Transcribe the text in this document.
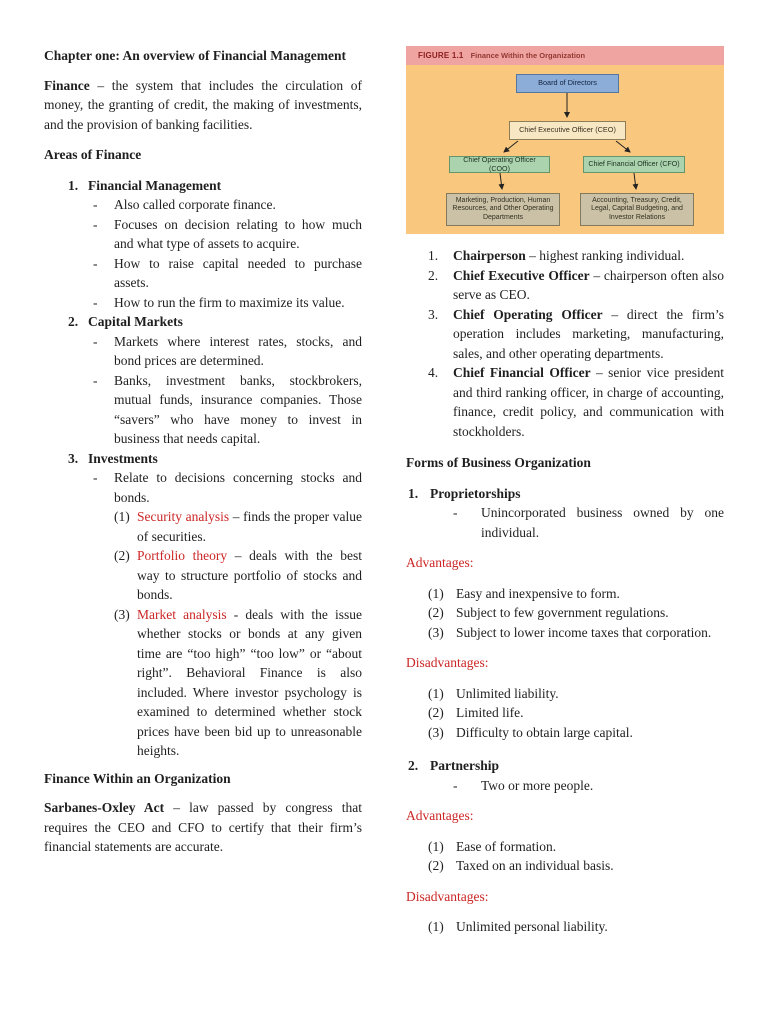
Chapter one: An overview of Financial Management

Finance – the system that includes the circulation of money, the granting of credit, the making of investments, and the provision of banking facilities.

Areas of Finance
1. Financial Management
-	Also called corporate finance.
-	Focuses on decision relating to how much and what type of assets to acquire.
-	How to raise capital needed to purchase assets.
-	How to run the firm to maximize its value.
2. Capital Markets
-	Markets where interest rates, stocks, and bond prices are determined.
-	Banks, investment banks, stockbrokers, mutual funds, insurance companies. Those “savers” who have money to invest in business that needs capital.
3. Investments
-	Relate to decisions concerning stocks and bonds.
(1) Security analysis – finds the proper value of securities.
(2) Portfolio theory – deals with the best way to structure portfolio of stocks and bonds.
(3) Market analysis - deals with the issue whether stocks or bonds at any given time are “too high” “too low” or “about right”. Behavioral Finance is also included. Where investor psychology is examined to determined whether stock prices have been bid up to unreasonable heights.
Finance Within an Organization

Sarbanes-Oxley Act – law passed by congress that requires the CEO and CFO to certify that their firm’s financial statements are accurate.

FIGURE 1.1 Finance Within the Organization
Board of Directors
Chief Executive Officer (CEO)
Chief Operating Officer (COO)
Chief Financial Officer (CFO)
Marketing, Production, Human Resources, and Other Operating Departments
Accounting, Treasury, Credit, Legal, Capital Budgeting, and Investor Relations
1.	Chairperson – highest ranking individual.
2.	Chief Executive Officer – chairperson often also serve as CEO.
3.	Chief Operating Officer – direct the firm’s operation includes marketing, manufacturing, sales, and other operating departments.
4.	Chief Financial Officer – senior vice president and third ranking officer, in charge of accounting, finance, credit policy, and communication with stockholders.
Forms of Business Organization
1. Proprietorships
-	Unincorporated business owned by one individual.
Advantages:
(1) Easy and inexpensive to form.
(2) Subject to few government regulations.
(3) Subject to lower income taxes that corporation.
Disadvantages:
(1) Unlimited liability.
(2) Limited life.
(3) Difficulty to obtain large capital.
2. Partnership
-	Two or more people.
Advantages:
(1) Ease of formation.
(2) Taxed on an individual basis.
Disadvantages:
(1) Unlimited personal liability.
